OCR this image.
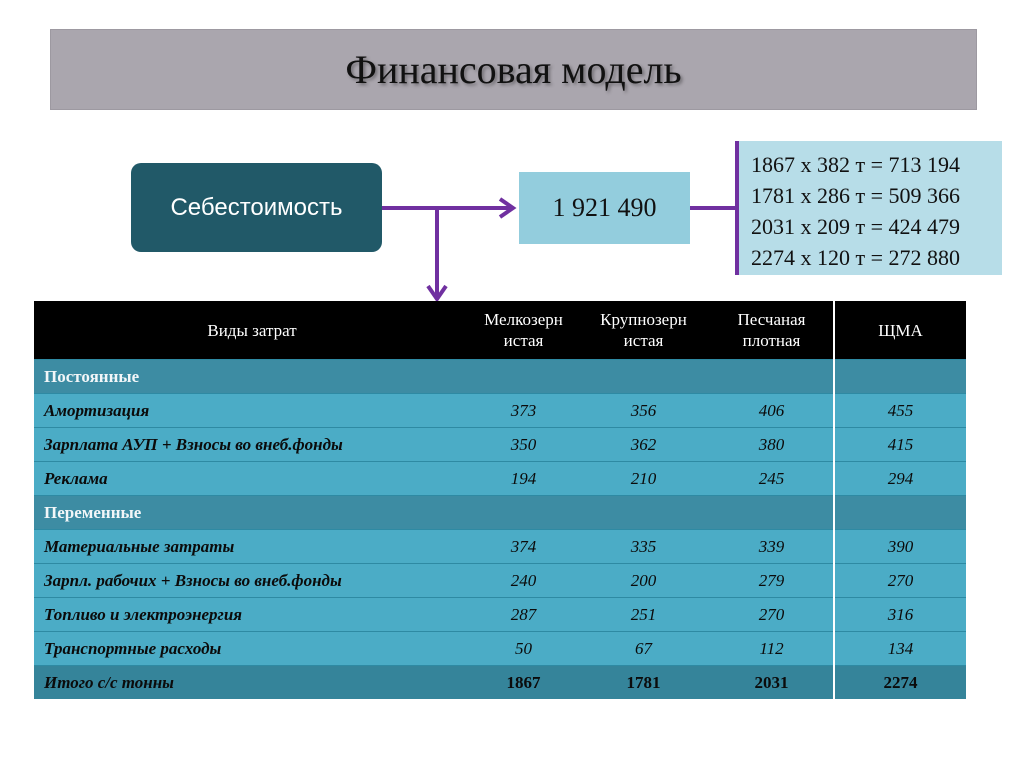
Финансовая модель
Себестоимость	1 921 490
1867 х 382 т = 713 194
1781 х 286 т = 509 366
2031 х 209 т = 424 479
2274 х 120 т = 272 880
Виды затрат	Мелкозерн истая	Крупнозерн истая	Песчаная плотная	ЩМА
Постоянные				
Амортизация	373	356	406	455
Зарплата АУП + Взносы во внеб.фонды	350	362	380	415
Реклама	194	210	245	294
Переменные				
Материальные затраты	374	335	339	390
Зарпл. рабочих + Взносы во внеб.фонды	240	200	279	270
Топливо и электроэнергия	287	251	270	316
Транспортные расходы	50	67	112	134
Итого с/с тонны	1867	1781	2031	2274
